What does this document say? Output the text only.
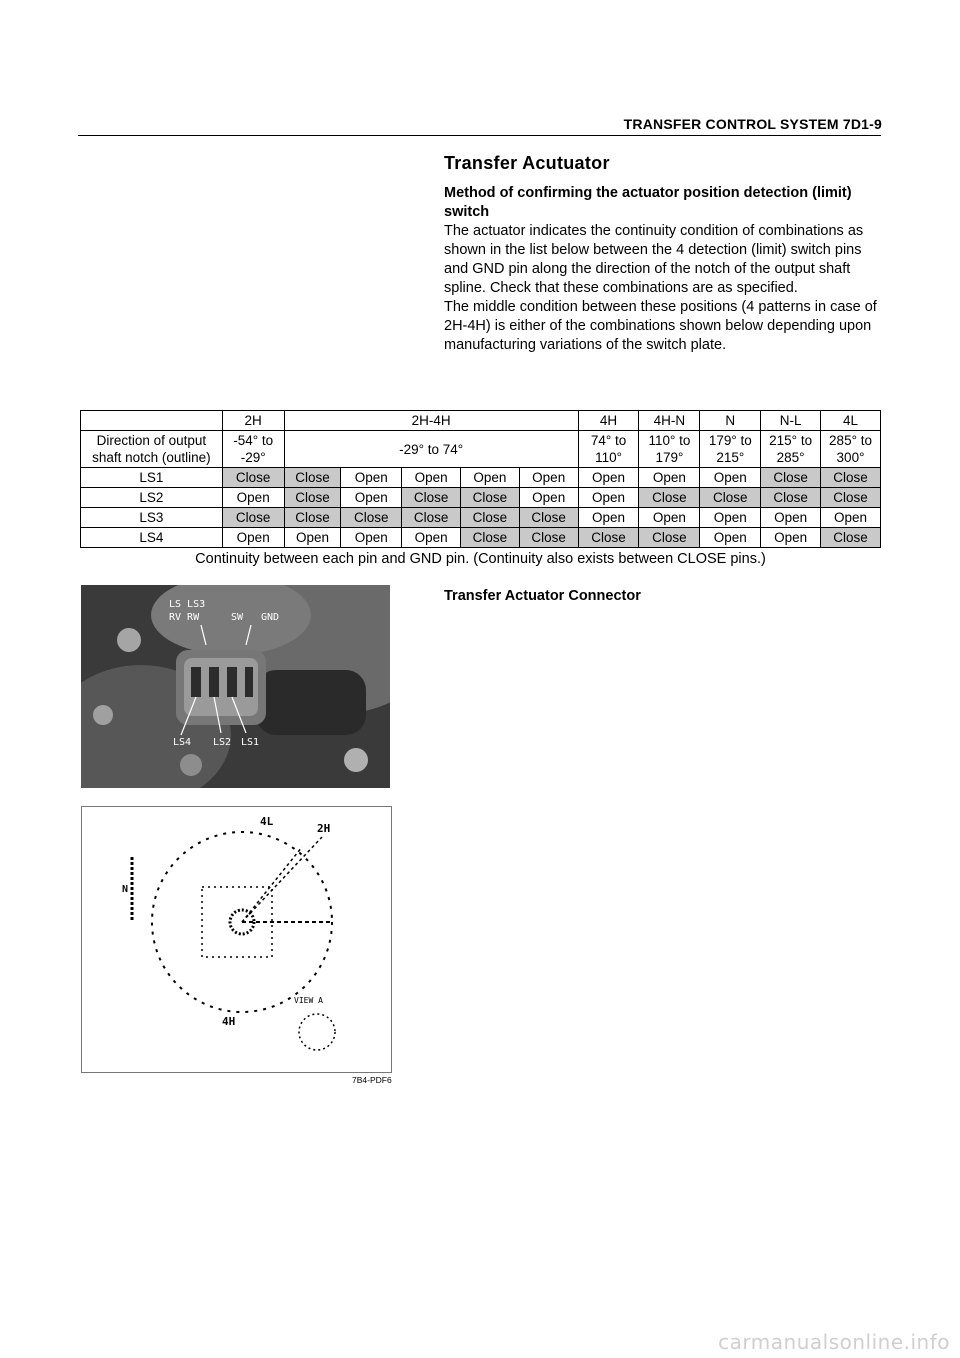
TRANSFER CONTROL SYSTEM 7D1-9
Transfer Acutuator
Method of confirming the actuator position detection (limit) switch

The actuator indicates the continuity condition of combinations as shown in the list below between the 4 detection (limit) switch pins and GND pin along the direction of the notch of the output shaft spline. Check that these combinations are as specified.

The middle condition between these positions (4 patterns in case of 2H-4H) is either of the combinations shown below depending upon manufacturing variations of the switch plate.

	2H	2H-4H					4H	4H-N	N	N-L	4L
Direction of output shaft notch (outline)	-54° to -29°	-29° to 74°					74° to 110°	110° to 179°	179° to 215°	215° to 285°	285° to 300°
LS1	Close	Close	Open	Open	Open	Open	Open	Open	Open	Close	Close
LS2	Open	Close	Open	Close	Close	Open	Open	Close	Close	Close	Close
LS3	Close	Close	Close	Close	Close	Close	Open	Open	Open	Open	Open
LS4	Open	Open	Open	Open	Close	Close	Close	Close	Open	Open	Close
Continuity between each pin and GND pin. (Continuity also exists between CLOSE pins.)
LS LS3
RV RW	SW GND
LS4 LS2 LS1
Transfer Actuator Connector
4L
2H
4H
N
VIEW A
7B4-PDF6
carmanualsonline.info
